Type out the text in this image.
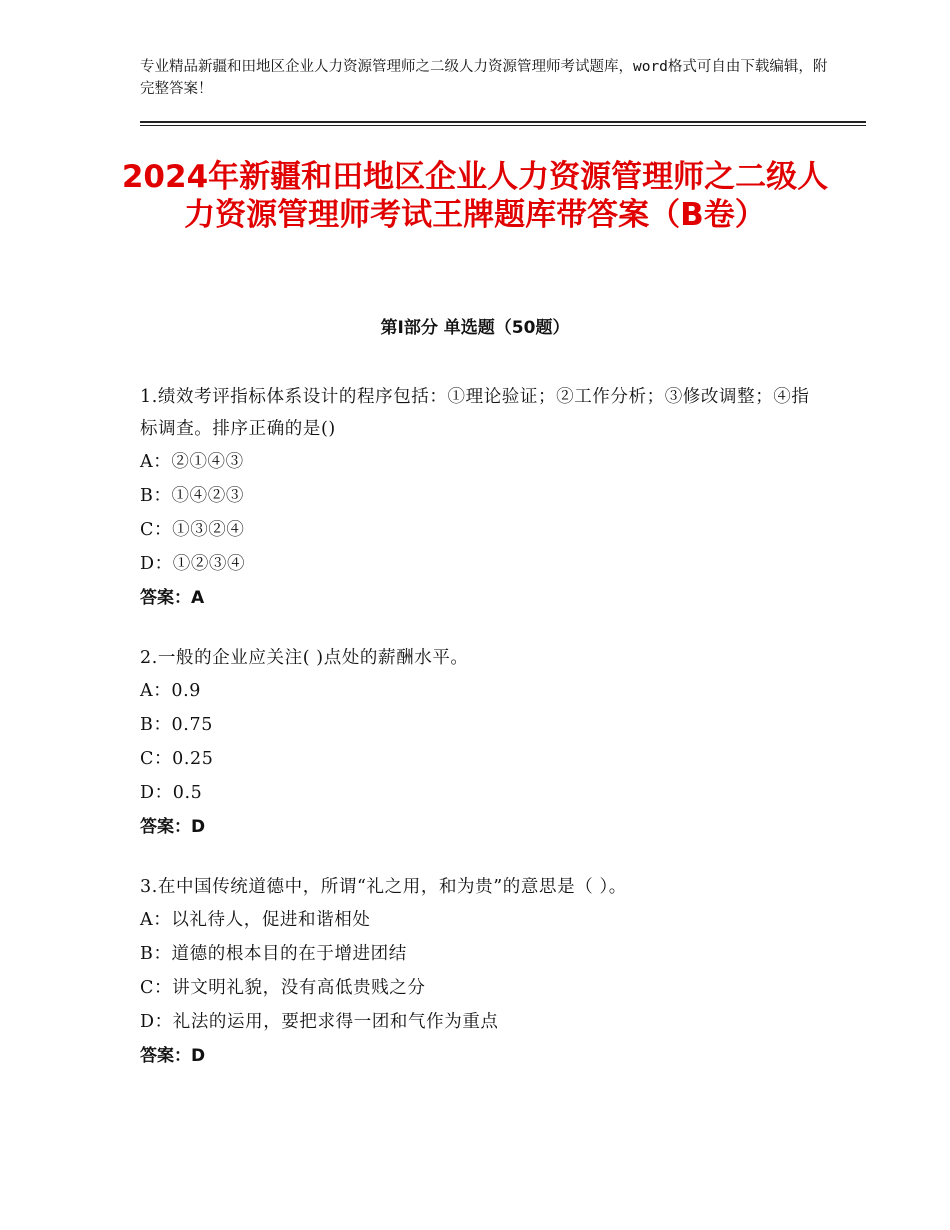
专业精品新疆和田地区企业人力资源管理师之二级人力资源管理师考试题库，word格式可自由下载编辑，附完整答案！
2024年新疆和田地区企业人力资源管理师之二级人力资源管理师考试王牌题库带答案（B卷）
第Ⅰ部分 单选题（50题）
1.绩效考评指标体系设计的程序包括：①理论验证；②工作分析；③修改调整；④指标调查。排序正确的是()
A：②①④③
B：①④②③
C：①③②④
D：①②③④
答案：A
2.一般的企业应关注( )点处的薪酬水平。
A：0.9
B：0.75
C：0.25
D：0.5
答案：D
3.在中国传统道德中，所谓“礼之用，和为贵”的意思是（ ）。
A：以礼待人，促进和谐相处
B：道德的根本目的在于增进团结
C：讲文明礼貌，没有高低贵贱之分
D：礼法的运用，要把求得一团和气作为重点
答案：D
